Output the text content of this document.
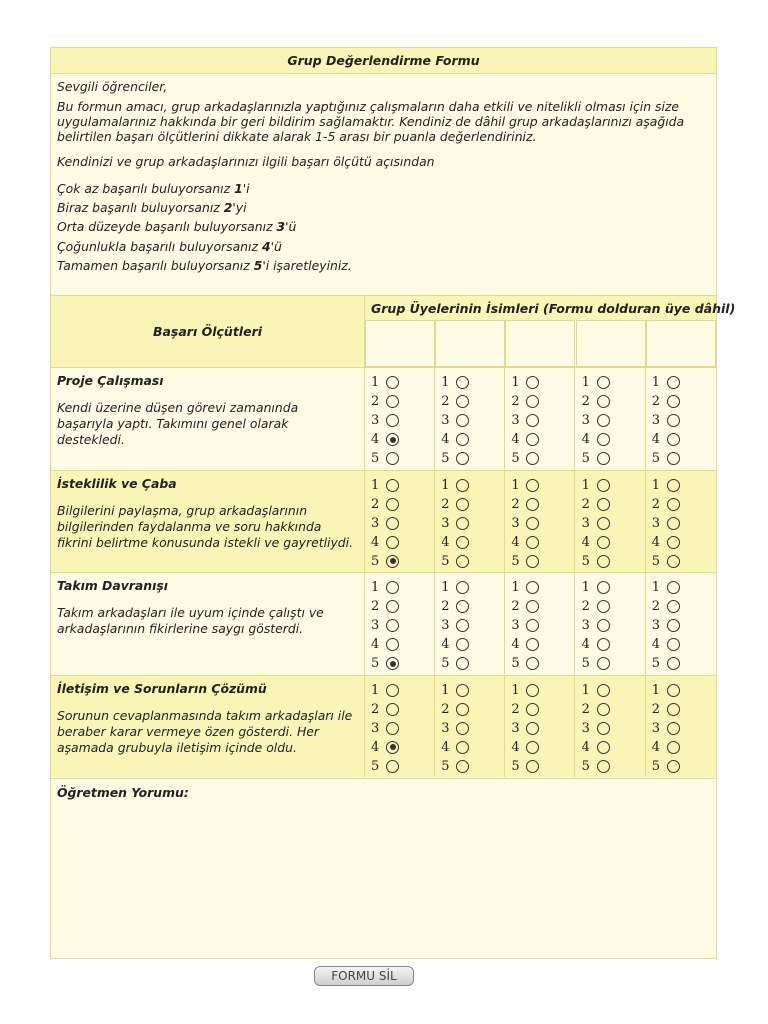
Grup Değerlendirme Formu

Sevgili öğrenciler,

Bu formun amacı, grup arkadaşlarınızla yaptığınız çalışmaların daha etkili ve nitelikli olması için size uygulamalarınız hakkında bir geri bildirim sağlamaktır. Kendiniz de dâhil grup arkadaşlarınızı aşağıda belirtilen başarı ölçütlerini dikkate alarak 1-5 arası bir puanla değerlendiriniz.

Kendinizi ve grup arkadaşlarınızı ilgili başarı ölçütü açısından

Çok az başarılı buluyorsanız 1'i
Biraz başarılı buluyorsanız 2'yi
Orta düzeyde başarılı buluyorsanız 3'ü
Çoğunlukla başarılı buluyorsanız 4'ü
Tamamen başarılı buluyorsanız 5'i işaretleyiniz.
Başarı Ölçütleri
Grup Üyelerinin İsimleri (Formu dolduran üye dâhil)

Proje Çalışması

Kendi üzerine düşen görevi zamanında başarıyla yaptı. Takımını genel olarak destekledi.

1
2
3
4
5
1
2
3
4
5
1
2
3
4
5
1
2
3
4
5
1
2
3
4
5

İsteklilik ve Çaba

Bilgilerini paylaşma, grup arkadaşlarının bilgilerinden faydalanma ve soru hakkında fikrini belirtme konusunda istekli ve gayretliydi.

1
2
3
4
5
1
2
3
4
5
1
2
3
4
5
1
2
3
4
5
1
2
3
4
5

Takım Davranışı

Takım arkadaşları ile uyum içinde çalıştı ve arkadaşlarının fikirlerine saygı gösterdi.

1
2
3
4
5
1
2
3
4
5
1
2
3
4
5
1
2
3
4
5
1
2
3
4
5

İletişim ve Sorunların Çözümü

Sorunun cevaplanmasında takım arkadaşları ile beraber karar vermeye özen gösterdi. Her aşamada grubuyla iletişim içinde oldu.

1
2
3
4
5
1
2
3
4
5
1
2
3
4
5
1
2
3
4
5
1
2
3
4
5

Öğretmen Yorumu:

FORMU SİL
